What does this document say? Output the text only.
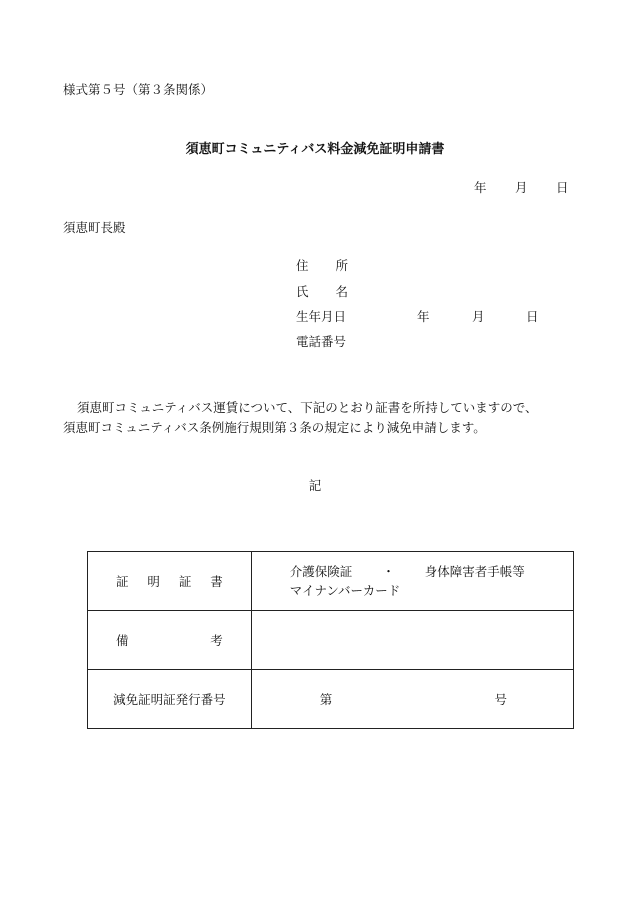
様式第５号（第３条関係）
須恵町コミュニティバス料金減免証明申請書
年 月 日
須恵町長殿
住 所
氏 名
生年月日	年	月	日
電話番号
須恵町コミュニティバス運賃について、下記のとおり証書を所持していますので、
須恵町コミュニティバス条例施行規則第３条の規定により減免申請します。
記
証 明 証 書	介護保険証 ・ 身体障害者手帳等
マイナンバーカード

備 考	

減免証明証発行番号	第 号
